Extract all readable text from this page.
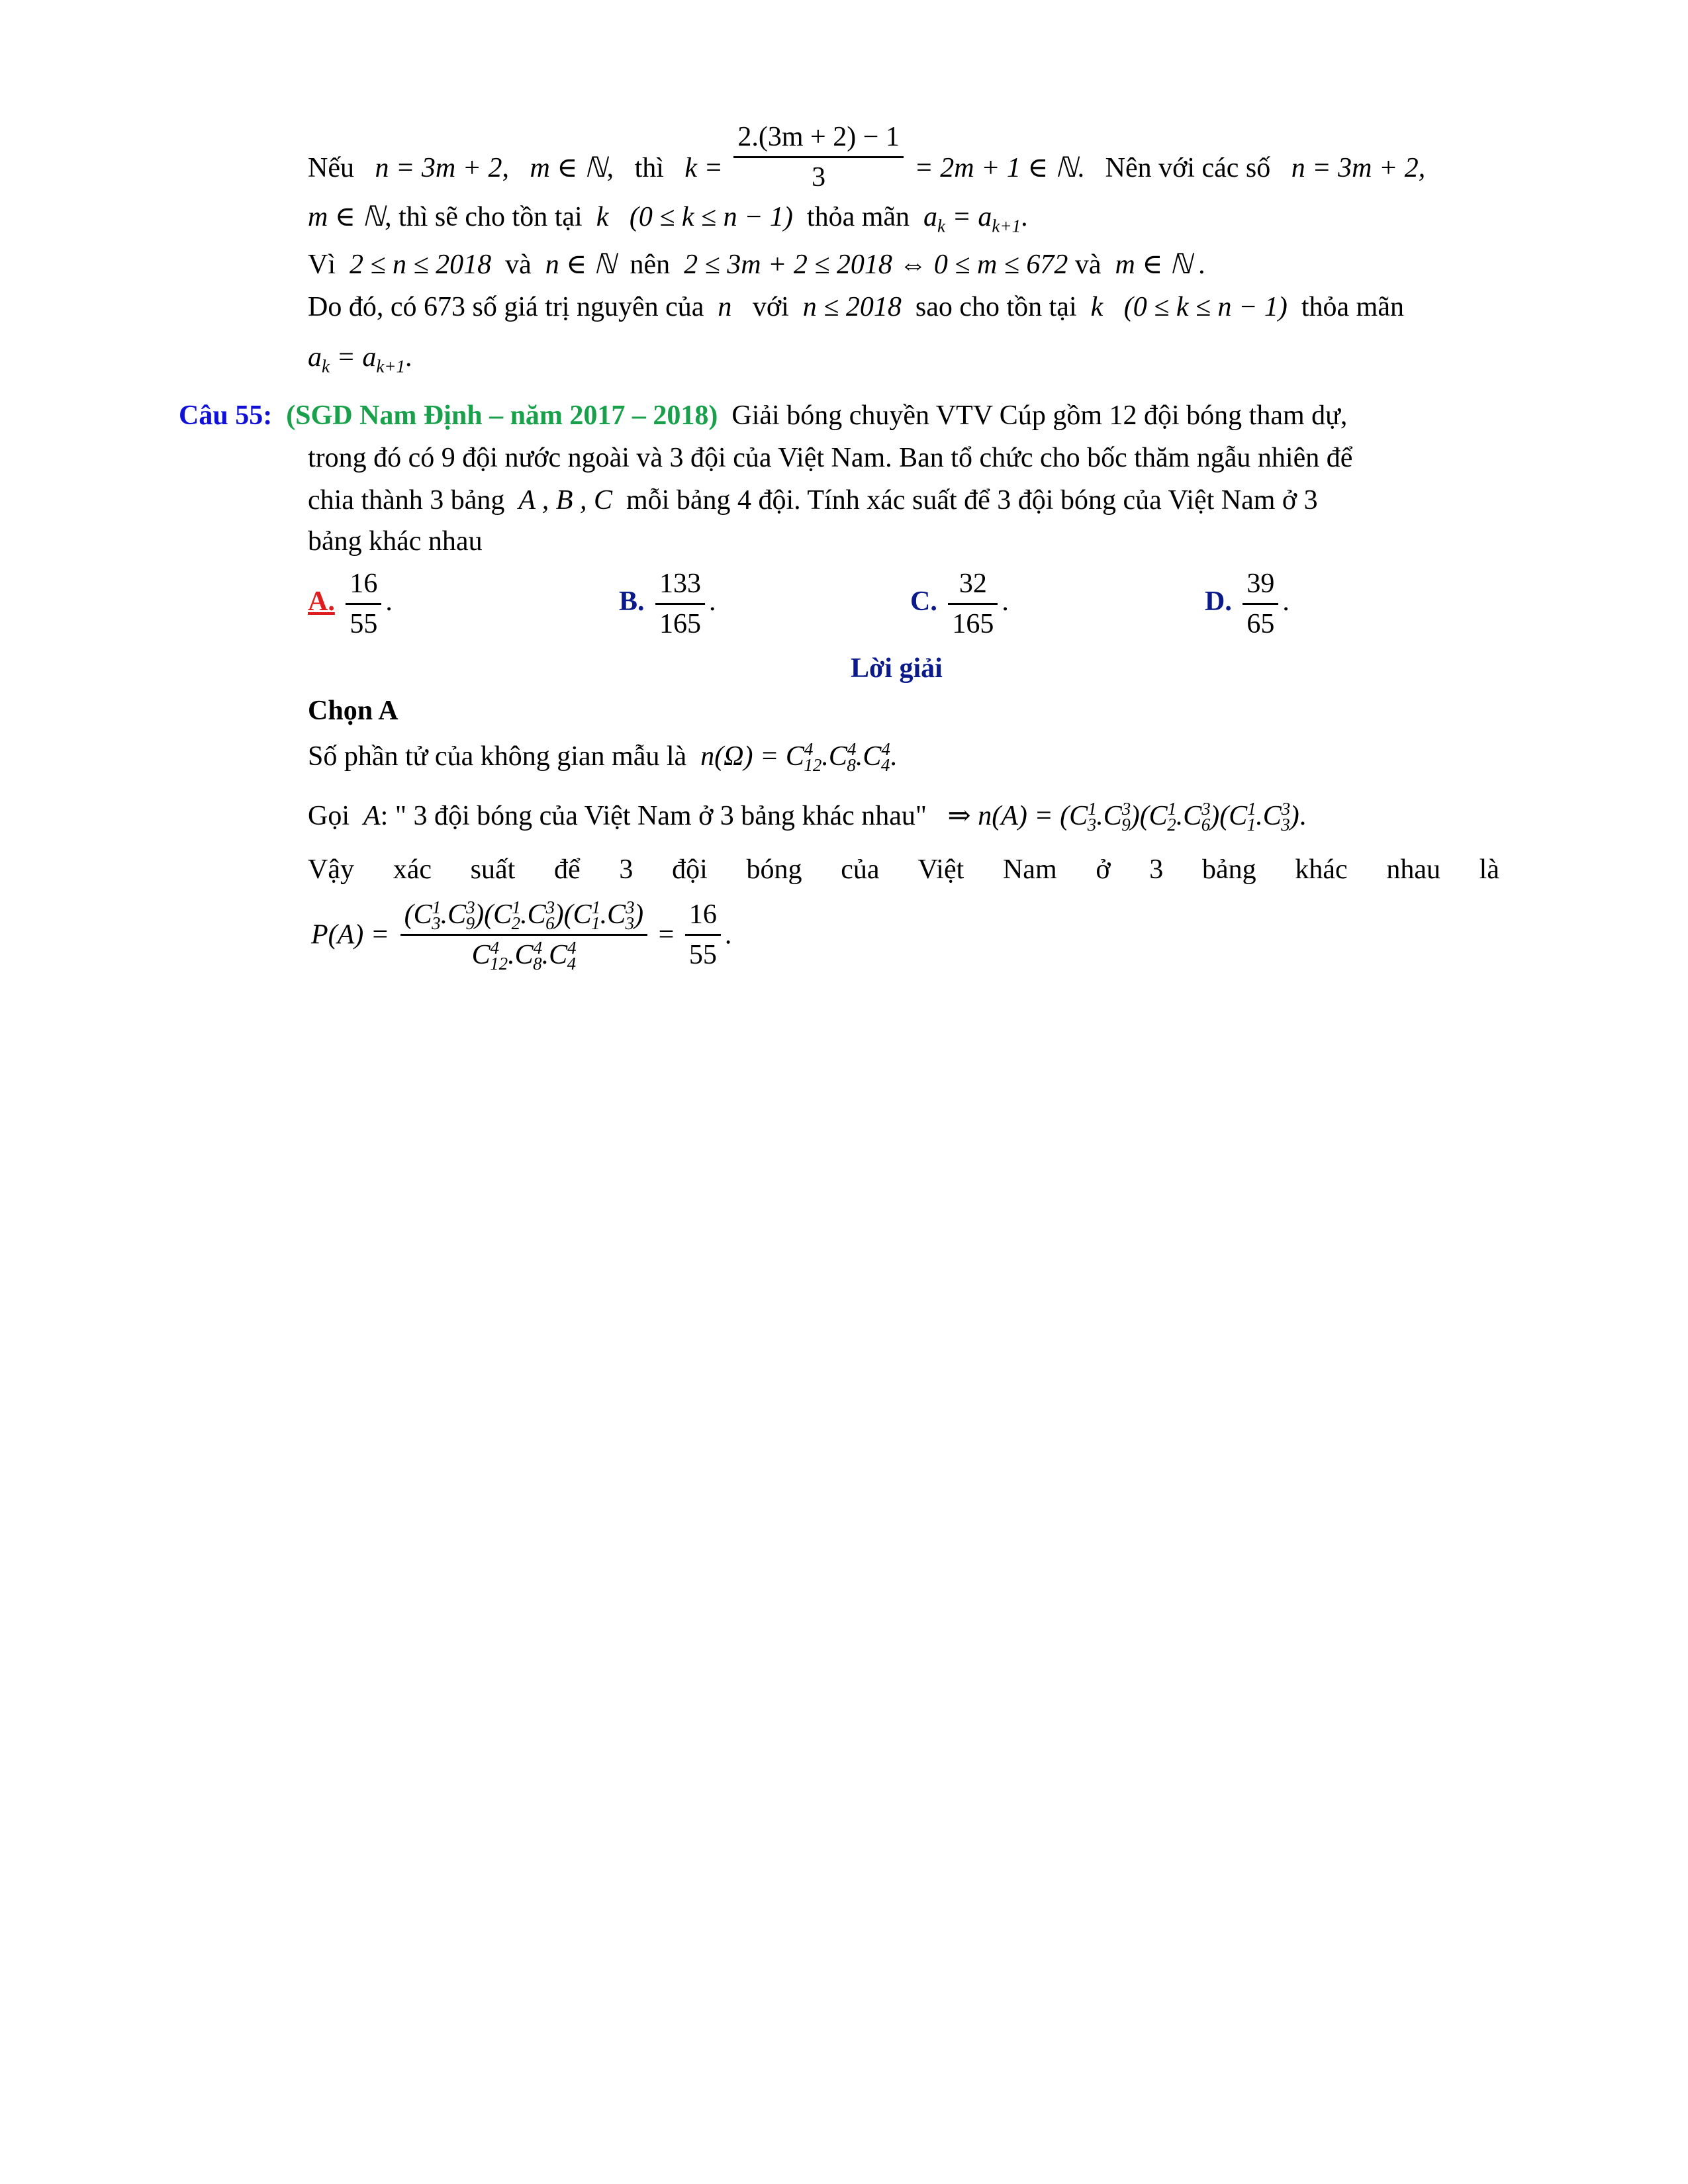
Nếu n = 3m + 2,   m ∈ ℕ,   thì $k = \frac{2.(3m + 2) - 1}{3} = 2m + 1$ ∈ ℕ.   Nên với các số n = 3m + 2,
m ∈ ℕ, thì sẽ cho tồn tại k (0 ≤ k ≤ n − 1) thỏa mãn $a_k = a_{k+1}$.
Vì 2 ≤ n ≤ 2018 và n ∈ ℕ nên 2 ≤ 3m + 2 ≤ 2018 ⇔ 0 ≤ m ≤ 672 và m ∈ ℕ .
Do đó, có 673 số giá trị nguyên của n với n ≤ 2018 sao cho tồn tại k (0 ≤ k ≤ n − 1) thỏa mãn
$a_k = a_{k+1}$.
Câu 55: (SGD Nam Định – năm 2017 – 2018) Giải bóng chuyền VTV Cúp gồm 12 đội bóng tham dự,
trong đó có 9 đội nước ngoài và 3 đội của Việt Nam. Ban tổ chức cho bốc thăm ngẫu nhiên để
chia thành 3 bảng A , B , C mỗi bảng 4 đội. Tính xác suất để 3 đội bóng của Việt Nam ở 3
bảng khác nhau
A. $\frac{16}{55}$ .	B. $\frac{133}{165}$ .	C. $\frac{32}{165}$ .	D. $\frac{39}{65}$ .
Lời giải
Chọn A
Số phần tử của không gian mẫu là $n(\Omega) = C^4_{12}.C^4_8.C^4_4$.
Gọi A: " 3 đội bóng của Việt Nam ở 3 bảng khác nhau" ⇒ $n(A) = (C^1_3.C^3_9)(C^1_2.C^3_6)(C^1_1.C^3_3)$.
Vậy xác suất để 3 đội bóng của Việt Nam ở 3 bảng khác nhau là
$P(A) = \frac{(C^1_3.C^3_9)(C^1_2.C^3_6)(C^1_1.C^3_3)}{C^4_{12}.C^4_8.C^4_4} = \frac{16}{55}$ .
